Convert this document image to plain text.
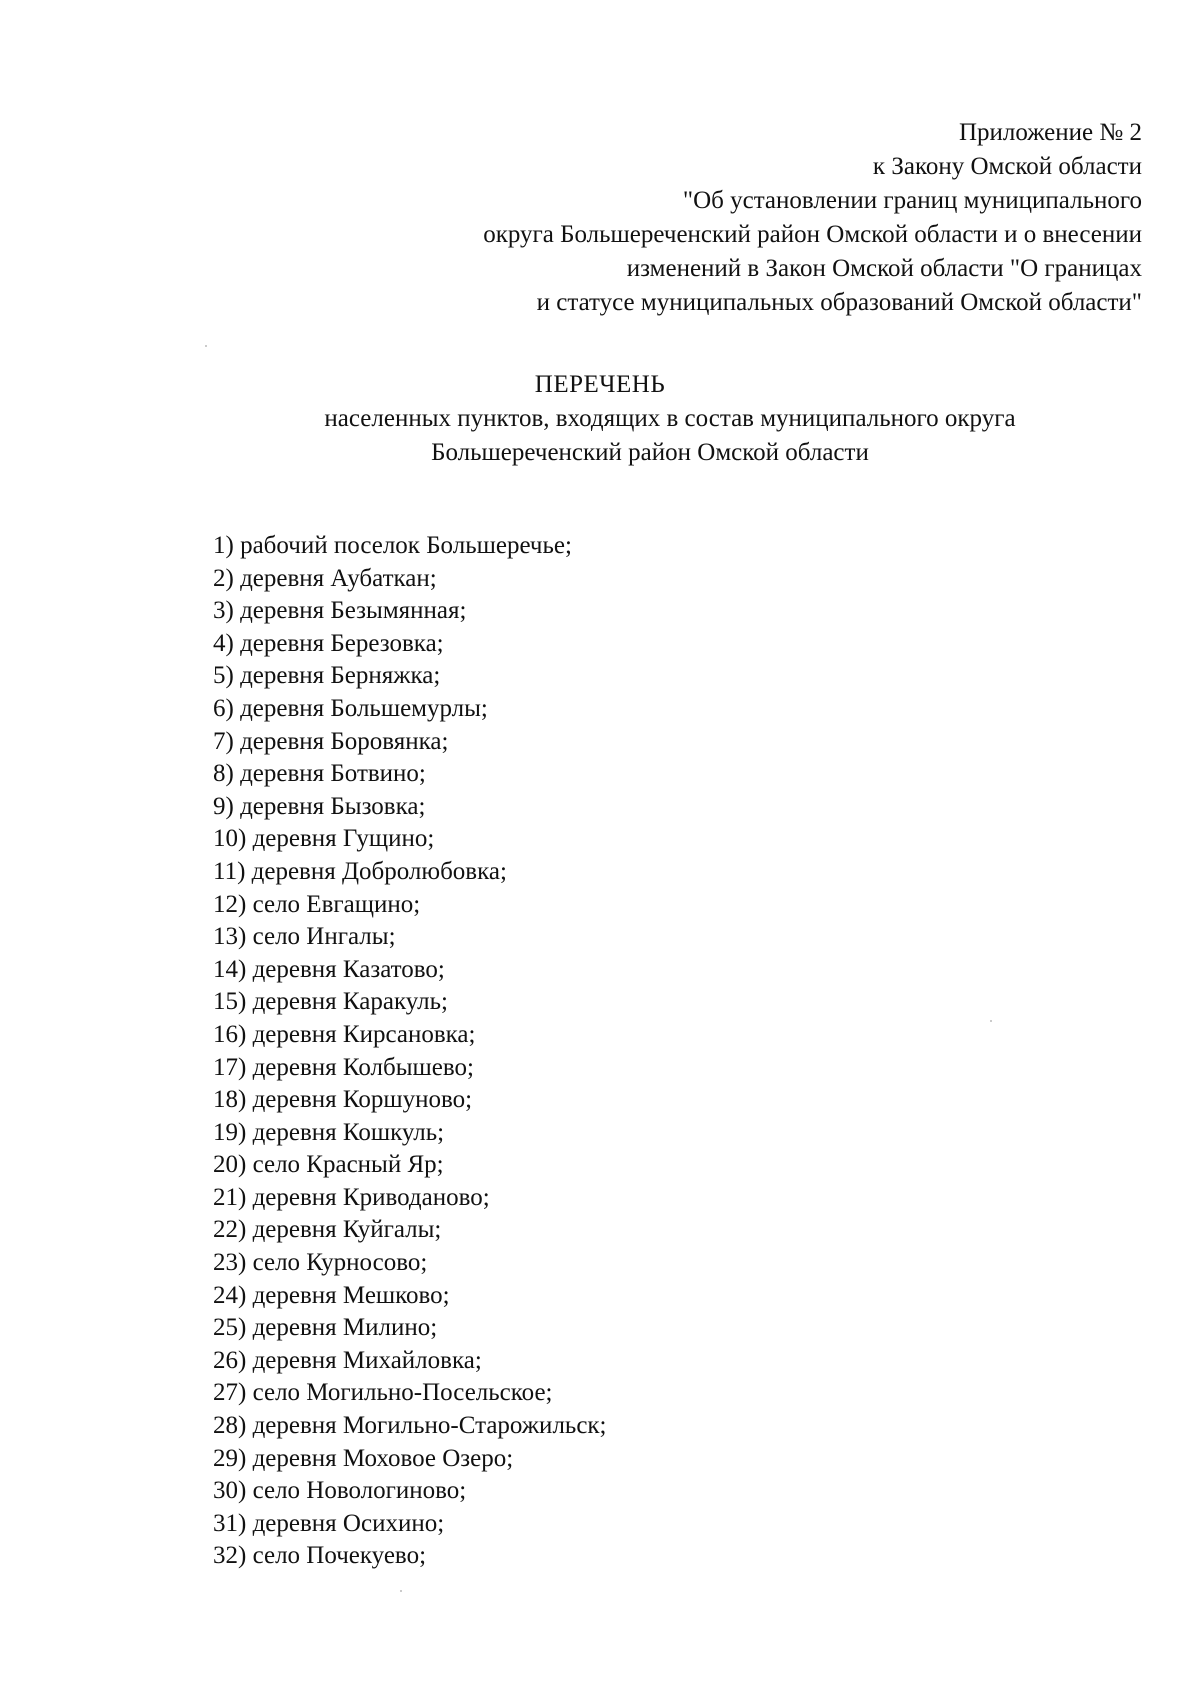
Приложение № 2
к Закону Омской области
"Об установлении границ муниципального
округа Большереченский район Омской области и о внесении
изменений в Закон Омской области "О границах
и статусе муниципальных образований Омской области"
ПЕРЕЧЕНЬ
населенных пунктов, входящих в состав муниципального округа
Большереченский район Омской области
1) рабочий поселок Большеречье;
2) деревня Аубаткан;
3) деревня Безымянная;
4) деревня Березовка;
5) деревня Берняжка;
6) деревня Большемурлы;
7) деревня Боровянка;
8) деревня Ботвино;
9) деревня Бызовка;
10) деревня Гущино;
11) деревня Добролюбовка;
12) село Евгащино;
13) село Ингалы;
14) деревня Казатово;
15) деревня Каракуль;
16) деревня Кирсановка;
17) деревня Колбышево;
18) деревня Коршуново;
19) деревня Кошкуль;
20) село Красный Яр;
21) деревня Криводаново;
22) деревня Куйгалы;
23) село Курносово;
24) деревня Мешково;
25) деревня Милино;
26) деревня Михайловка;
27) село Могильно-Посельское;
28) деревня Могильно-Старожильск;
29) деревня Моховое Озеро;
30) село Новологиново;
31) деревня Осихино;
32) село Почекуево;
